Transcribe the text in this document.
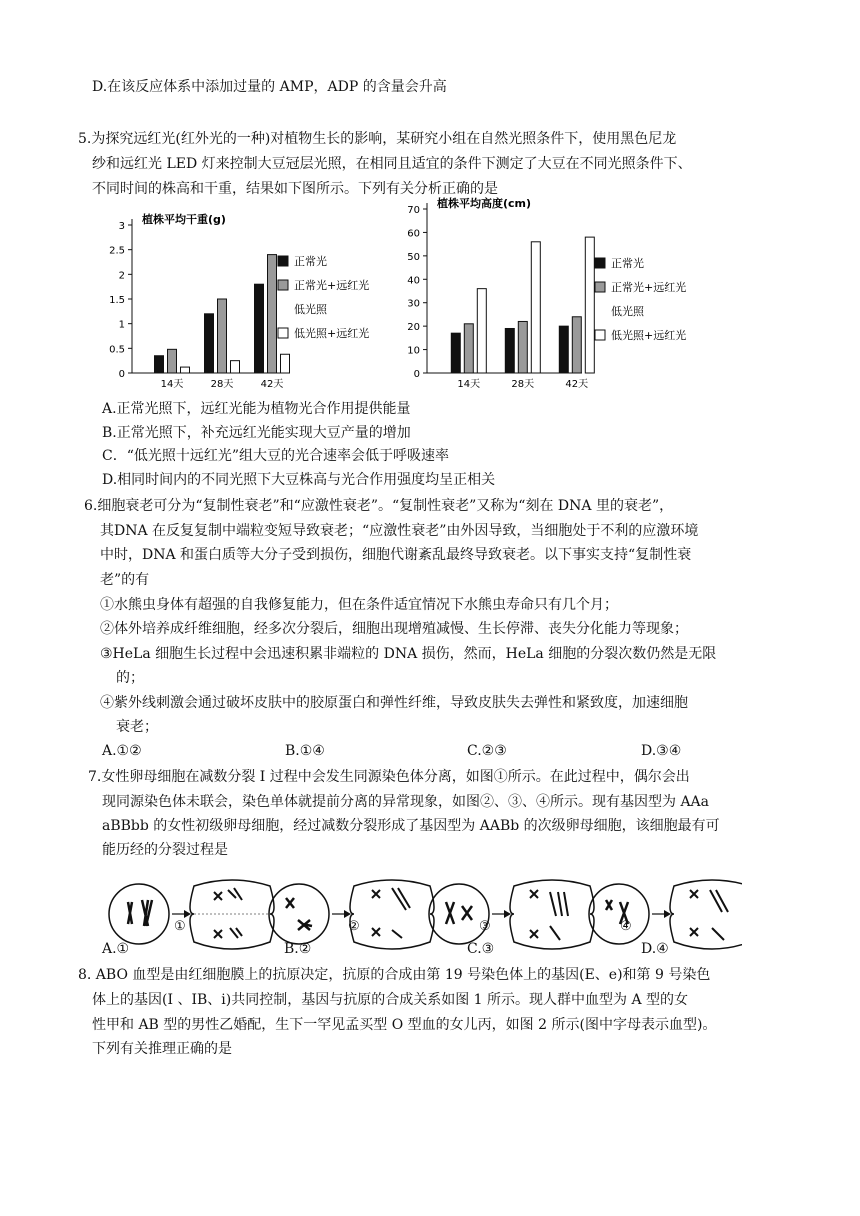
D.在该反应体系中添加过量的 AMP，ADP 的含量会升高
5.为探究远红光(红外光的一种)对植物生长的影响，某研究小组在自然光照条件下，使用黑色尼龙
纱和远红光 LED 灯来控制大豆冠层光照，在相同且适宜的条件下测定了大豆在不同光照条件下、
不同时间的株高和干重，结果如下图所示。下列有关分析正确的是
植株平均干重(g)
0
0.5
1
1.5
2
2.5
3
14天	28天	42天
正常光
正常光+远红光
低光照
低光照+远红光
植株平均高度(cm)
0
10
20
30
40
50
60
70
14天	28天	42天
正常光
正常光+远红光
低光照
低光照+远红光
A.正常光照下，远红光能为植物光合作用提供能量
B.正常光照下，补充远红光能实现大豆产量的增加
C．“低光照十远红光”组大豆的光合速率会低于呼吸速率
D.相同时间内的不同光照下大豆株高与光合作用强度均呈正相关
6.细胞衰老可分为“复制性衰老”和“应激性衰老”。“复制性衰老”又称为“刻在 DNA 里的衰老”，
其DNA 在反复复制中端粒变短导致衰老；“应激性衰老”由外因导致，当细胞处于不利的应激环境
中时，DNA 和蛋白质等大分子受到损伤，细胞代谢紊乱最终导致衰老。以下事实支持“复制性衰
老”的有
①水熊虫身体有超强的自我修复能力，但在条件适宜情况下水熊虫寿命只有几个月；
②体外培养成纤维细胞，经多次分裂后，细胞出现增殖减慢、生长停滞、丧失分化能力等现象；
③HeLa 细胞生长过程中会迅速积累非端粒的 DNA 损伤，然而，HeLa 细胞的分裂次数仍然是无限
的；
④紫外线刺激会通过破坏皮肤中的胶原蛋白和弹性纤维，导致皮肤失去弹性和紧致度，加速细胞
衰老；
A.①②	B.①④	C.②③	D.③④
7.女性卵母细胞在减数分裂 I 过程中会发生同源染色体分离，如图①所示。在此过程中，偶尔会出
现同源染色体未联会，染色单体就提前分离的异常现象，如图②、③、④所示。现有基因型为 AAa
aBBbb 的女性初级卵母细胞，经过减数分裂形成了基因型为 AABb 的次级卵母细胞，该细胞最有可
能历经的分裂过程是
①	②	③	④
A.①	B.②	C.③	D.④
8. ABO 血型是由红细胞膜上的抗原决定，抗原的合成由第 19 号染色体上的基因(E、e)和第 9 号染色
体上的基因(I 、IB、i)共同控制，基因与抗原的合成关系如图 1 所示。现人群中血型为 A 型的女
性甲和 AB 型的男性乙婚配，生下一罕见孟买型 O 型血的女儿丙，如图 2 所示(图中字母表示血型)。
下列有关推理正确的是
